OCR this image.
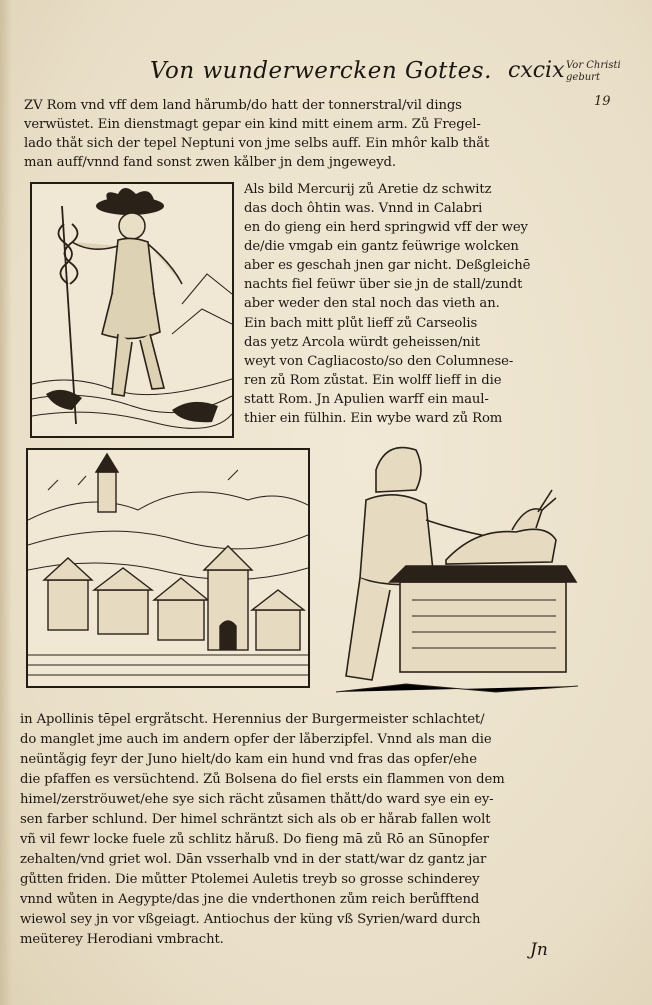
Von wunderwercken Gottes. cxcix Vor Christi geburt
19
ZV Rom vnd vff dem land hårumb/do hatt der tonnerstral/vil dings
verwüstet. Ein dienstmagt gepar ein kind mitt einem arm. Zů Fregel-
lado thåt sich der tepel Neptuni von jme selbs auff. Ein mhôr kalb thåt
man auff/vnnd fand sonst zwen kålber jn dem jngeweyd.
Als bild Mercurij zů Aretie dz schwitz
das doch ôhtin was. Vnnd in Calabri
en do gieng ein herd springwid vff der wey
de/die vmgab ein gantz feüwrige wolcken
aber es geschah jnen gar nicht. Deßgleichē
nachts fiel feüwr über sie jn de stall/zundt
aber weder den stal noch das vieth an.
Ein bach mitt plůt lieff zů Carseolis
das yetz Arcola würdt geheissen/nit
weyt von Cagliacosto/so den Columnese-
ren zů Rom zůstat. Ein wolff lieff in die
statt Rom. Jn Apulien warff ein maul-
thier ein fülhin. Ein wybe ward zů Rom
in Apollinis tēpel ergråtscht. Herennius der Burgermeister schlachtet/
do manglet jme auch im andern opfer der låberzipfel. Vnnd als man die
neüntågig feyr der Juno hielt/do kam ein hund vnd fras das opfer/ehe
die pfaffen es versüchtend. Zů Bolsena do fiel ersts ein flammen von dem
himel/zerströuwet/ehe sye sich rächt zůsamen thått/do ward sye ein ey-
sen farber schlund. Der himel schräntzt sich als ob er hårab fallen wolt
vñ vil fewr locke fuele zů schlitz håruß. Do fieng mā zů Rō an Sūnopfer
zehalten/vnd griet wol. Dān vsserhalb vnd in der statt/war dz gantz jar
gůtten friden. Die můtter Ptolemei Auletis treyb so grosse schinderey
vnnd wůten in Aegypte/das jne die vnderthonen zům reich berůfftend
wiewol sey jn vor vßgeiagt. Antiochus der küng vß Syrien/ward durch
meüterey Herodiani vmbracht.
Jn
